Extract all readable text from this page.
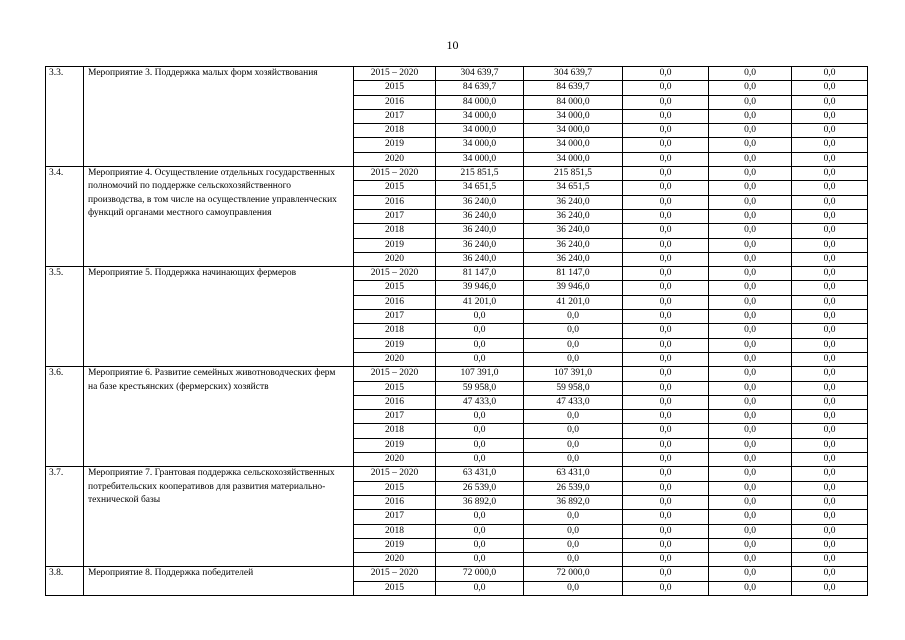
10
3.3.	Мероприятие 3. Поддержка малых форм хозяйствования	2015 – 2020	304 639,7	304 639,7	0,0	0,0	0,0
		2015	84 639,7	84 639,7	0,0	0,0	0,0
		2016	84 000,0	84 000,0	0,0	0,0	0,0
		2017	34 000,0	34 000,0	0,0	0,0	0,0
		2018	34 000,0	34 000,0	0,0	0,0	0,0
		2019	34 000,0	34 000,0	0,0	0,0	0,0
		2020	34 000,0	34 000,0	0,0	0,0	0,0
3.4.	Мероприятие 4. Осуществление отдельных государственных полномочий по поддержке сельскохозяйственного производства, в том числе на осуществление управленческих функций органами местного самоуправления	2015 – 2020	215 851,5	215 851,5	0,0	0,0	0,0
		2015	34 651,5	34 651,5	0,0	0,0	0,0
		2016	36 240,0	36 240,0	0,0	0,0	0,0
		2017	36 240,0	36 240,0	0,0	0,0	0,0
		2018	36 240,0	36 240,0	0,0	0,0	0,0
		2019	36 240,0	36 240,0	0,0	0,0	0,0
		2020	36 240,0	36 240,0	0,0	0,0	0,0
3.5.	Мероприятие 5. Поддержка начинающих фермеров	2015 – 2020	81 147,0	81 147,0	0,0	0,0	0,0
		2015	39 946,0	39 946,0	0,0	0,0	0,0
		2016	41 201,0	41 201,0	0,0	0,0	0,0
		2017	0,0	0,0	0,0	0,0	0,0
		2018	0,0	0,0	0,0	0,0	0,0
		2019	0,0	0,0	0,0	0,0	0,0
		2020	0,0	0,0	0,0	0,0	0,0
3.6.	Мероприятие 6. Развитие семейных животноводческих ферм на базе крестьянских (фермерских) хозяйств	2015 – 2020	107 391,0	107 391,0	0,0	0,0	0,0
		2015	59 958,0	59 958,0	0,0	0,0	0,0
		2016	47 433,0	47 433,0	0,0	0,0	0,0
		2017	0,0	0,0	0,0	0,0	0,0
		2018	0,0	0,0	0,0	0,0	0,0
		2019	0,0	0,0	0,0	0,0	0,0
		2020	0,0	0,0	0,0	0,0	0,0
3.7.	Мероприятие 7. Грантовая поддержка сельскохозяйственных потребительских кооперативов для развития материально-технической базы	2015 – 2020	63 431,0	63 431,0	0,0	0,0	0,0
		2015	26 539,0	26 539,0	0,0	0,0	0,0
		2016	36 892,0	36 892,0	0,0	0,0	0,0
		2017	0,0	0,0	0,0	0,0	0,0
		2018	0,0	0,0	0,0	0,0	0,0
		2019	0,0	0,0	0,0	0,0	0,0
		2020	0,0	0,0	0,0	0,0	0,0
3.8.	Мероприятие 8. Поддержка победителей	2015 – 2020	72 000,0	72 000,0	0,0	0,0	0,0
		2015	0,0	0,0	0,0	0,0	0,0
